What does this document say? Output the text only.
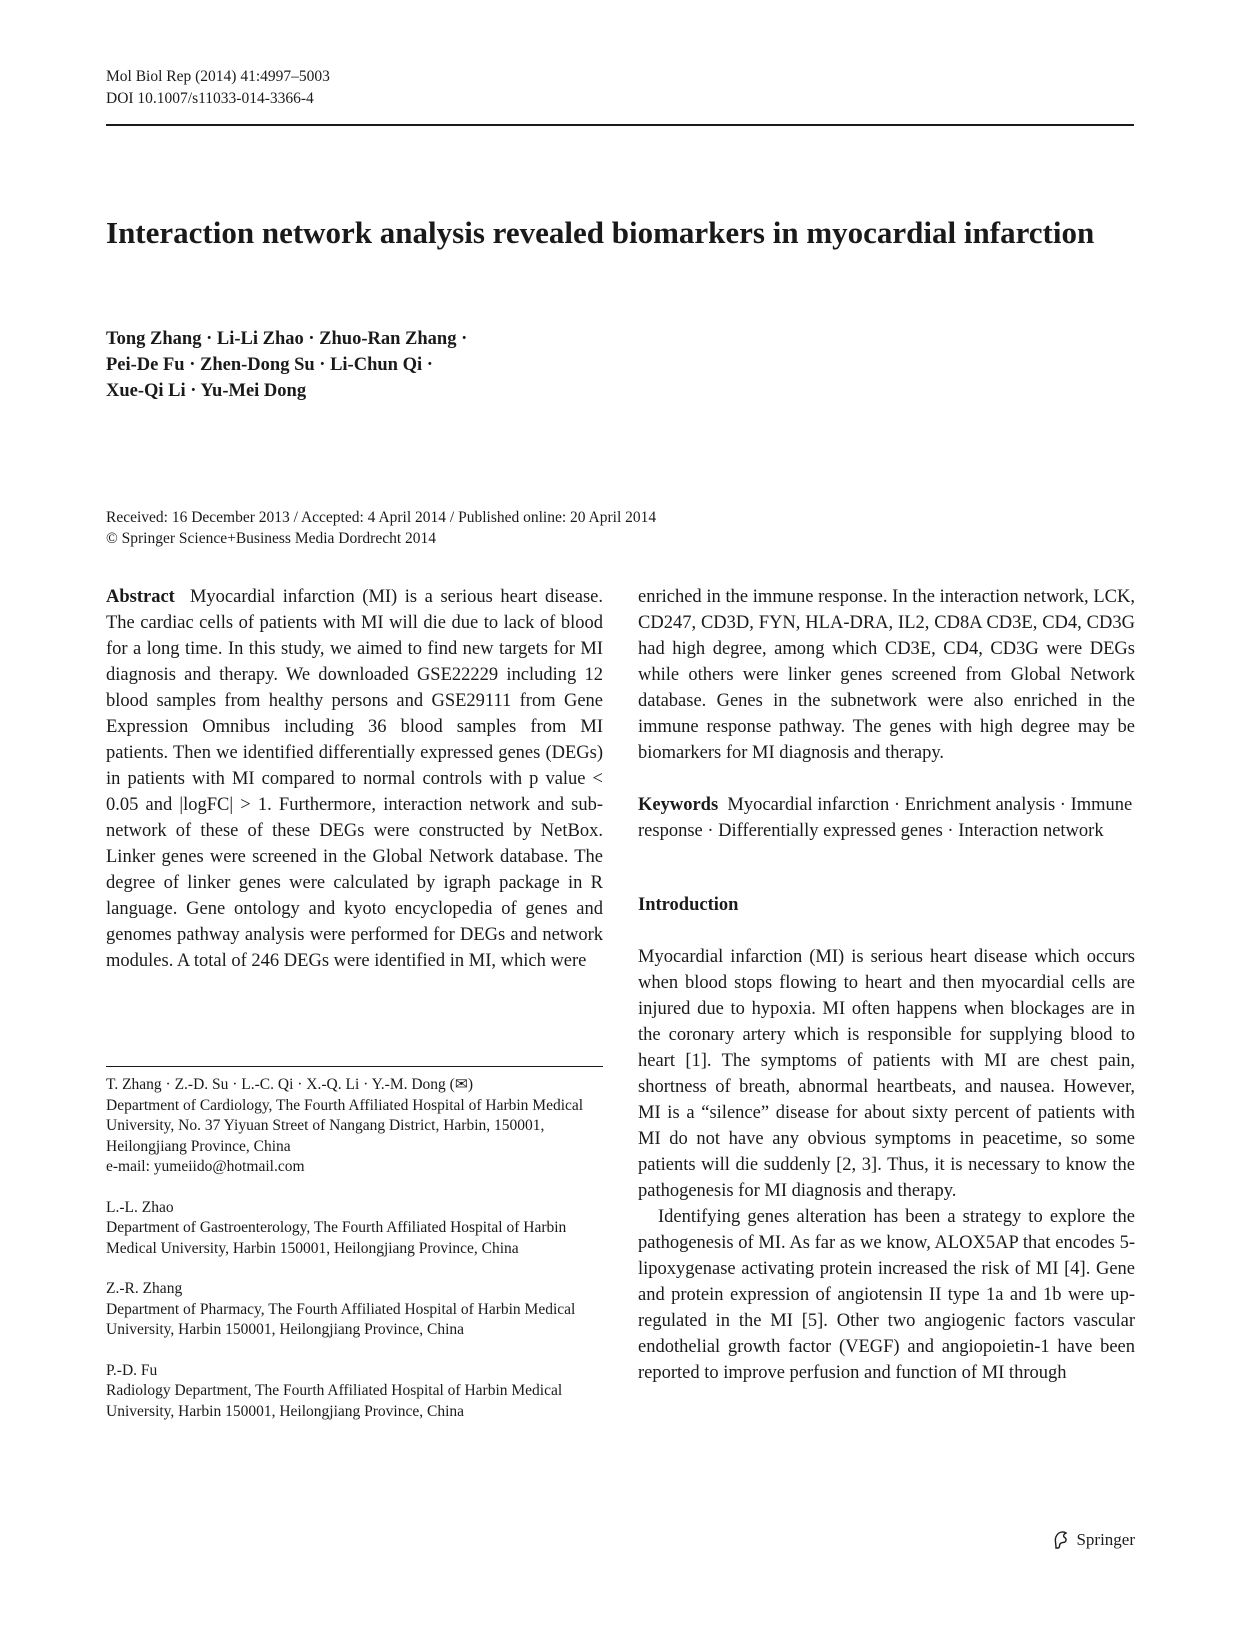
Mol Biol Rep (2014) 41:4997–5003
DOI 10.1007/s11033-014-3366-4
Interaction network analysis revealed biomarkers in myocardial infarction
Tong Zhang · Li-Li Zhao · Zhuo-Ran Zhang ·
Pei-De Fu · Zhen-Dong Su · Li-Chun Qi ·
Xue-Qi Li · Yu-Mei Dong
Received: 16 December 2013 / Accepted: 4 April 2014 / Published online: 20 April 2014
© Springer Science+Business Media Dordrecht 2014

Abstract Myocardial infarction (MI) is a serious heart disease. The cardiac cells of patients with MI will die due to lack of blood for a long time. In this study, we aimed to find new targets for MI diagnosis and therapy. We downloaded GSE22229 including 12 blood samples from healthy persons and GSE29111 from Gene Expression Omnibus including 36 blood samples from MI patients. Then we identified differentially expressed genes (DEGs) in patients with MI compared to normal controls with p value < 0.05 and |logFC| > 1. Furthermore, interaction network and sub-network of these of these DEGs were constructed by NetBox. Linker genes were screened in the Global Network database. The degree of linker genes were calculated by igraph package in R language. Gene ontology and kyoto encyclopedia of genes and genomes pathway analysis were performed for DEGs and network modules. A total of 246 DEGs were identified in MI, which were

T. Zhang · Z.-D. Su · L.-C. Qi · X.-Q. Li · Y.-M. Dong (✉)
Department of Cardiology, The Fourth Affiliated Hospital of Harbin Medical University, No. 37 Yiyuan Street of Nangang District, Harbin, 150001, Heilongjiang Province, China
e-mail: yumeiido@hotmail.com
L.-L. Zhao
Department of Gastroenterology, The Fourth Affiliated Hospital of Harbin Medical University, Harbin 150001, Heilongjiang Province, China
Z.-R. Zhang
Department of Pharmacy, The Fourth Affiliated Hospital of Harbin Medical University, Harbin 150001, Heilongjiang Province, China
P.-D. Fu
Radiology Department, The Fourth Affiliated Hospital of Harbin Medical University, Harbin 150001, Heilongjiang Province, China

enriched in the immune response. In the interaction network, LCK, CD247, CD3D, FYN, HLA-DRA, IL2, CD8A CD3E, CD4, CD3G had high degree, among which CD3E, CD4, CD3G were DEGs while others were linker genes screened from Global Network database. Genes in the subnetwork were also enriched in the immune response pathway. The genes with high degree may be biomarkers for MI diagnosis and therapy.

Keywords Myocardial infarction · Enrichment analysis · Immune response · Differentially expressed genes · Interaction network

Introduction

Myocardial infarction (MI) is serious heart disease which occurs when blood stops flowing to heart and then myocardial cells are injured due to hypoxia. MI often happens when blockages are in the coronary artery which is responsible for supplying blood to heart [1]. The symptoms of patients with MI are chest pain, shortness of breath, abnormal heartbeats, and nausea. However, MI is a “silence” disease for about sixty percent of patients with MI do not have any obvious symptoms in peacetime, so some patients will die suddenly [2, 3]. Thus, it is necessary to know the pathogenesis for MI diagnosis and therapy.

Identifying genes alteration has been a strategy to explore the pathogenesis of MI. As far as we know, ALOX5AP that encodes 5-lipoxygenase activating protein increased the risk of MI [4]. Gene and protein expression of angiotensin II type 1a and 1b were up-regulated in the MI [5]. Other two angiogenic factors vascular endothelial growth factor (VEGF) and angiopoietin-1 have been reported to improve perfusion and function of MI through

Springer
